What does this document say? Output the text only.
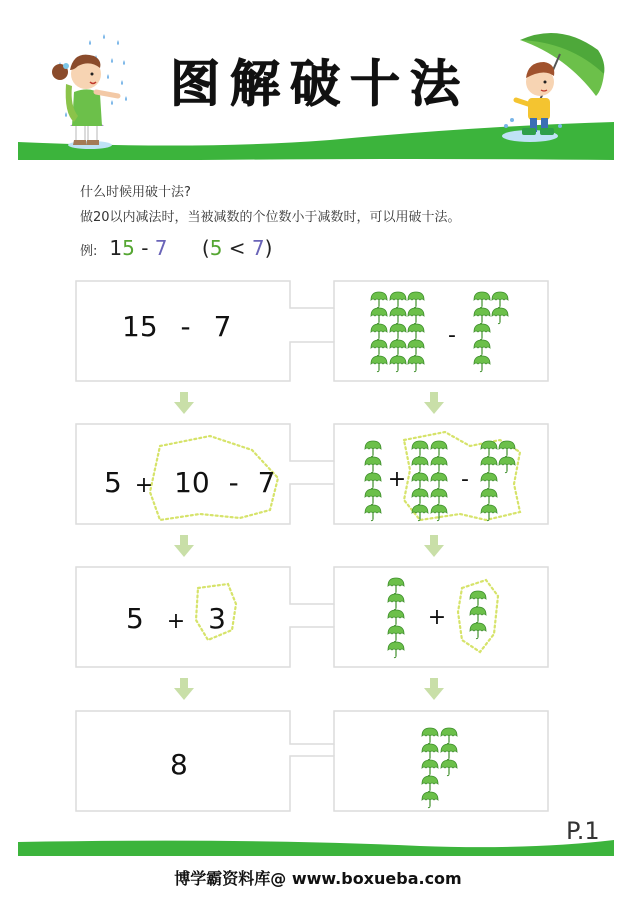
-
+ -
+
图解破十法
什么时候用破十法?
做20以内减法时，当被减数的个位数小于减数时，可以用破十法。
例: 15 - 7 (5 < 7)
15 - 7
5 + 10 - 7
5 + 3
8
P.1
博学霸资料库@ www.boxueba.com
